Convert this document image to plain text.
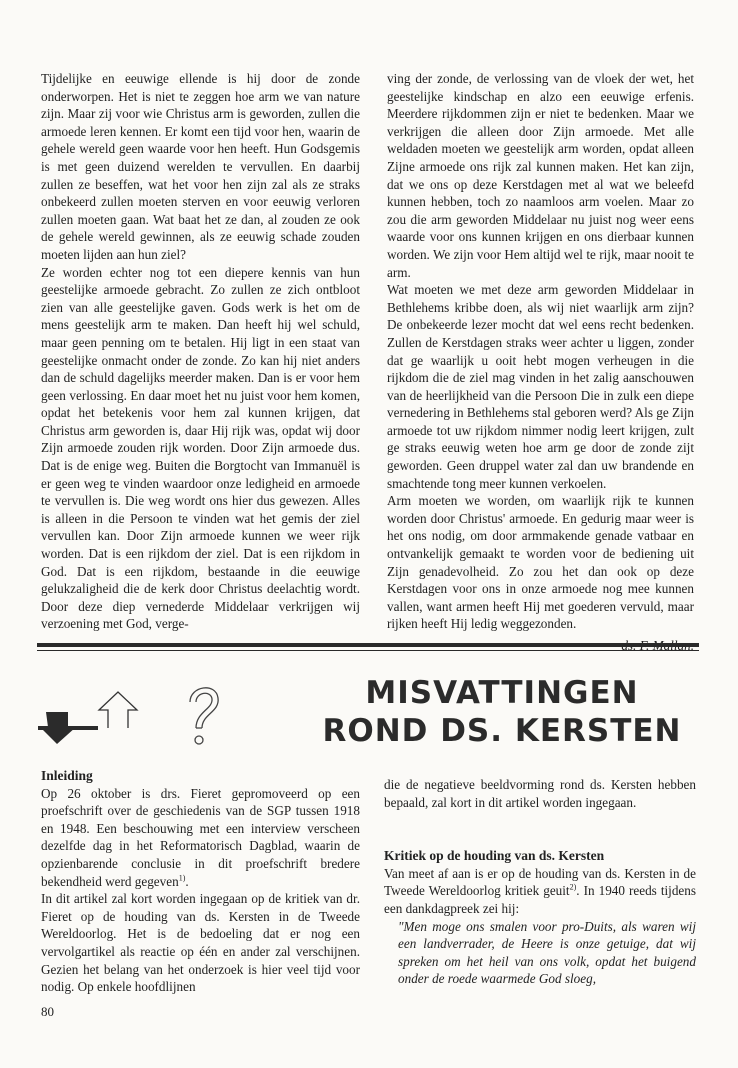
Tijdelijke en eeuwige ellende is hij door de zonde onderworpen. Het is niet te zeggen hoe arm we van nature zijn. Maar zij voor wie Christus arm is geworden, zullen die armoede leren kennen. Er komt een tijd voor hen, waarin de gehele wereld geen waarde voor hen heeft. Hun Godsgemis is met geen duizend werelden te vervullen. En daarbij zullen ze beseffen, wat het voor hen zijn zal als ze straks onbekeerd zullen moeten sterven en voor eeuwig verloren zullen moeten gaan. Wat baat het ze dan, al zouden ze ook de gehele wereld gewinnen, als ze eeuwig schade zouden moeten lijden aan hun ziel?

Ze worden echter nog tot een diepere kennis van hun geestelijke armoede gebracht. Zo zullen ze zich ontbloot zien van alle geestelijke gaven. Gods werk is het om de mens geestelijk arm te maken. Dan heeft hij wel schuld, maar geen penning om te betalen. Hij ligt in een staat van geestelijke onmacht onder de zonde. Zo kan hij niet anders dan de schuld dagelijks meerder maken. Dan is er voor hem geen verlossing. En daar moet het nu juist voor hem komen, opdat het betekenis voor hem zal kunnen krijgen, dat Christus arm geworden is, daar Hij rijk was, opdat wij door Zijn armoede zouden rijk worden. Door Zijn armoede dus. Dat is de enige weg. Buiten die Borgtocht van Immanuël is er geen weg te vinden waardoor onze ledigheid en armoede te vervullen is. Die weg wordt ons hier dus gewezen. Alles is alleen in die Persoon te vinden wat het gemis der ziel vervullen kan. Door Zijn armoede kunnen we weer rijk worden. Dat is een rijkdom der ziel. Dat is een rijkdom in God. Dat is een rijkdom, bestaande in die eeuwige gelukzaligheid die de kerk door Christus deelachtig wordt. Door deze diep vernederde Middelaar verkrijgen wij verzoening met God, verge-

ving der zonde, de verlossing van de vloek der wet, het geestelijke kindschap en alzo een eeuwige erfenis. Meerdere rijkdommen zijn er niet te bedenken. Maar we verkrijgen die alleen door Zijn armoede. Met alle weldaden moeten we geestelijk arm worden, opdat alleen Zijne armoede ons rijk zal kunnen maken. Het kan zijn, dat we ons op deze Kerstdagen met al wat we beleefd kunnen hebben, toch zo naamloos arm voelen. Maar zo zou die arm geworden Middelaar nu juist nog weer eens waarde voor ons kunnen krijgen en ons dierbaar kunnen worden. We zijn voor Hem altijd wel te rijk, maar nooit te arm.

Wat moeten we met deze arm geworden Middelaar in Bethlehems kribbe doen, als wij niet waarlijk arm zijn? De onbekeerde lezer mocht dat wel eens recht bedenken. Zullen de Kerstdagen straks weer achter u liggen, zonder dat ge waarlijk u ooit hebt mogen verheugen in die rijkdom die de ziel mag vinden in het zalig aanschouwen van de heerlijkheid van die Persoon Die in zulk een diepe vernedering in Bethlehems stal geboren werd? Als ge Zijn armoede tot uw rijkdom nimmer nodig leert krijgen, zult ge straks eeuwig weten hoe arm ge door de zonde zijt geworden. Geen druppel water zal dan uw brandende en smachtende tong meer kunnen verkoelen.

Arm moeten we worden, om waarlijk rijk te kunnen worden door Christus' armoede. En gedurig maar weer is het ons nodig, om door armmakende genade vatbaar en ontvankelijk gemaakt te worden voor de bediening uit Zijn genadevolheid. Zo zou het dan ook op deze Kerstdagen voor ons in onze armoede nog mee kunnen vallen, want armen heeft Hij met goederen vervuld, maar rijken heeft Hij ledig weggezonden.

MISVATTINGEN
ROND DS. KERSTEN

Inleiding

Op 26 oktober is drs. Fieret gepromoveerd op een proefschrift over de geschiedenis van de SGP tussen 1918 en 1948. Een beschouwing met een interview verscheen dezelfde dag in het Reformatorisch Dagblad, waarin de opzienbarende conclusie in dit proefschrift bredere bekendheid werd gegeven$^{1)}$.

In dit artikel zal kort worden ingegaan op de kritiek van dr. Fieret op de houding van ds. Kersten in de Tweede Wereldoorlog. Het is de bedoeling dat er nog een vervolgartikel als reactie op één en ander zal verschijnen. Gezien het belang van het onderzoek is hier veel tijd voor nodig. Op enkele hoofdlijnen

die de negatieve beeldvorming rond ds. Kersten hebben bepaald, zal kort in dit artikel worden ingegaan.

Kritiek op de houding van ds. Kersten

Van meet af aan is er op de houding van ds. Kersten in de Tweede Wereldoorlog kritiek geuit$^{2)}$. In 1940 reeds tijdens een dankdagpreek zei hij:

"Men moge ons smalen voor pro-Duits, als waren wij een landverrader, de Heere is onze getuige, dat wij spreken om het heil van ons volk, opdat het buigend onder de roede waarmede God sloeg,

80
